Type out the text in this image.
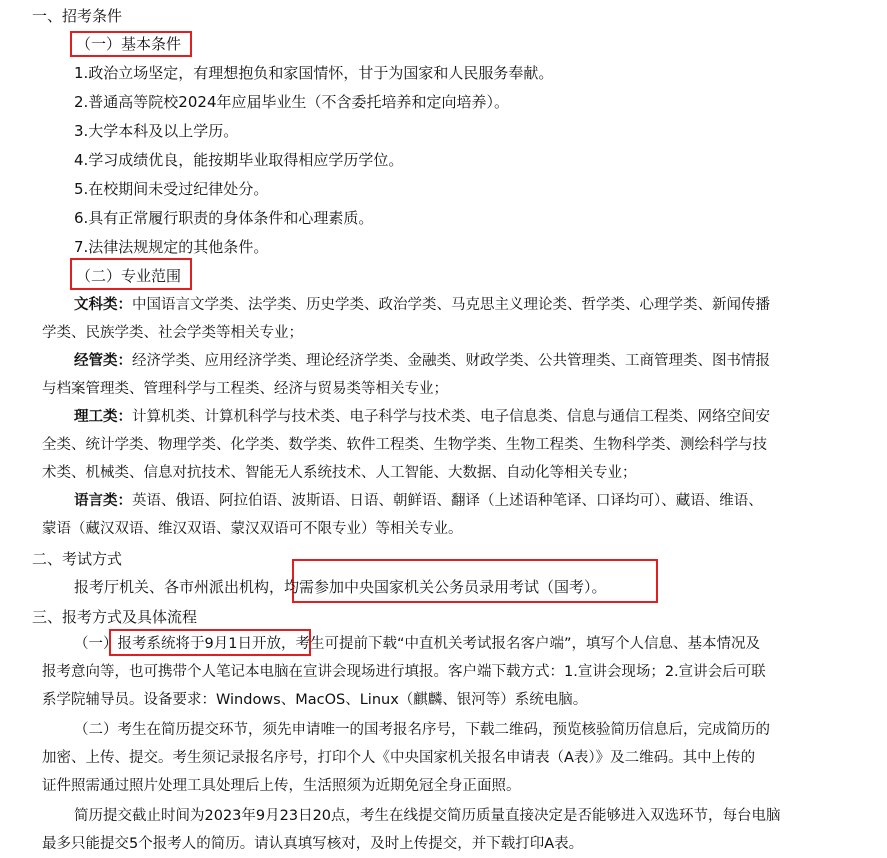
一、招考条件
（一）基本条件
1.政治立场坚定，有理想抱负和家国情怀，甘于为国家和人民服务奉献。
2.普通高等院校2024年应届毕业生（不含委托培养和定向培养）。
3.大学本科及以上学历。
4.学习成绩优良，能按期毕业取得相应学历学位。
5.在校期间未受过纪律处分。
6.具有正常履行职责的身体条件和心理素质。
7.法律法规规定的其他条件。
（二）专业范围
文科类：中国语言文学类、法学类、历史学类、政治学类、马克思主义理论类、哲学类、心理学类、新闻传播
学类、民族学类、社会学类等相关专业；
经管类：经济学类、应用经济学类、理论经济学类、金融类、财政学类、公共管理类、工商管理类、图书情报
与档案管理类、管理科学与工程类、经济与贸易类等相关专业；
理工类：计算机类、计算机科学与技术类、电子科学与技术类、电子信息类、信息与通信工程类、网络空间安
全类、统计学类、物理学类、化学类、数学类、软件工程类、生物学类、生物工程类、生物科学类、测绘科学与技
术类、机械类、信息对抗技术、智能无人系统技术、人工智能、大数据、自动化等相关专业；
语言类：英语、俄语、阿拉伯语、波斯语、日语、朝鲜语、翻译（上述语种笔译、口译均可）、藏语、维语、
蒙语（藏汉双语、维汉双语、蒙汉双语可不限专业）等相关专业。
二、考试方式
报考厅机关、各市州派出机构，均需参加中央国家机关公务员录用考试（国考）。
三、报考方式及具体流程
（一）报考系统将于9月1日开放，考生可提前下载“中直机关考试报名客户端”，填写个人信息、基本情况及
报考意向等，也可携带个人笔记本电脑在宣讲会现场进行填报。客户端下载方式：1.宣讲会现场；2.宣讲会后可联
系学院辅导员。设备要求：Windows、MacOS、Linux（麒麟、银河等）系统电脑。
（二）考生在简历提交环节，须先申请唯一的国考报名序号，下载二维码，预览核验简历信息后，完成简历的
加密、上传、提交。考生须记录报名序号，打印个人《中央国家机关报名申请表（A表）》及二维码。其中上传的
证件照需通过照片处理工具处理后上传，生活照须为近期免冠全身正面照。
简历提交截止时间为2023年9月23日20点，考生在线提交简历质量直接决定是否能够进入双选环节，每台电脑
最多只能提交5个报考人的简历。请认真填写核对，及时上传提交，并下载打印A表。
